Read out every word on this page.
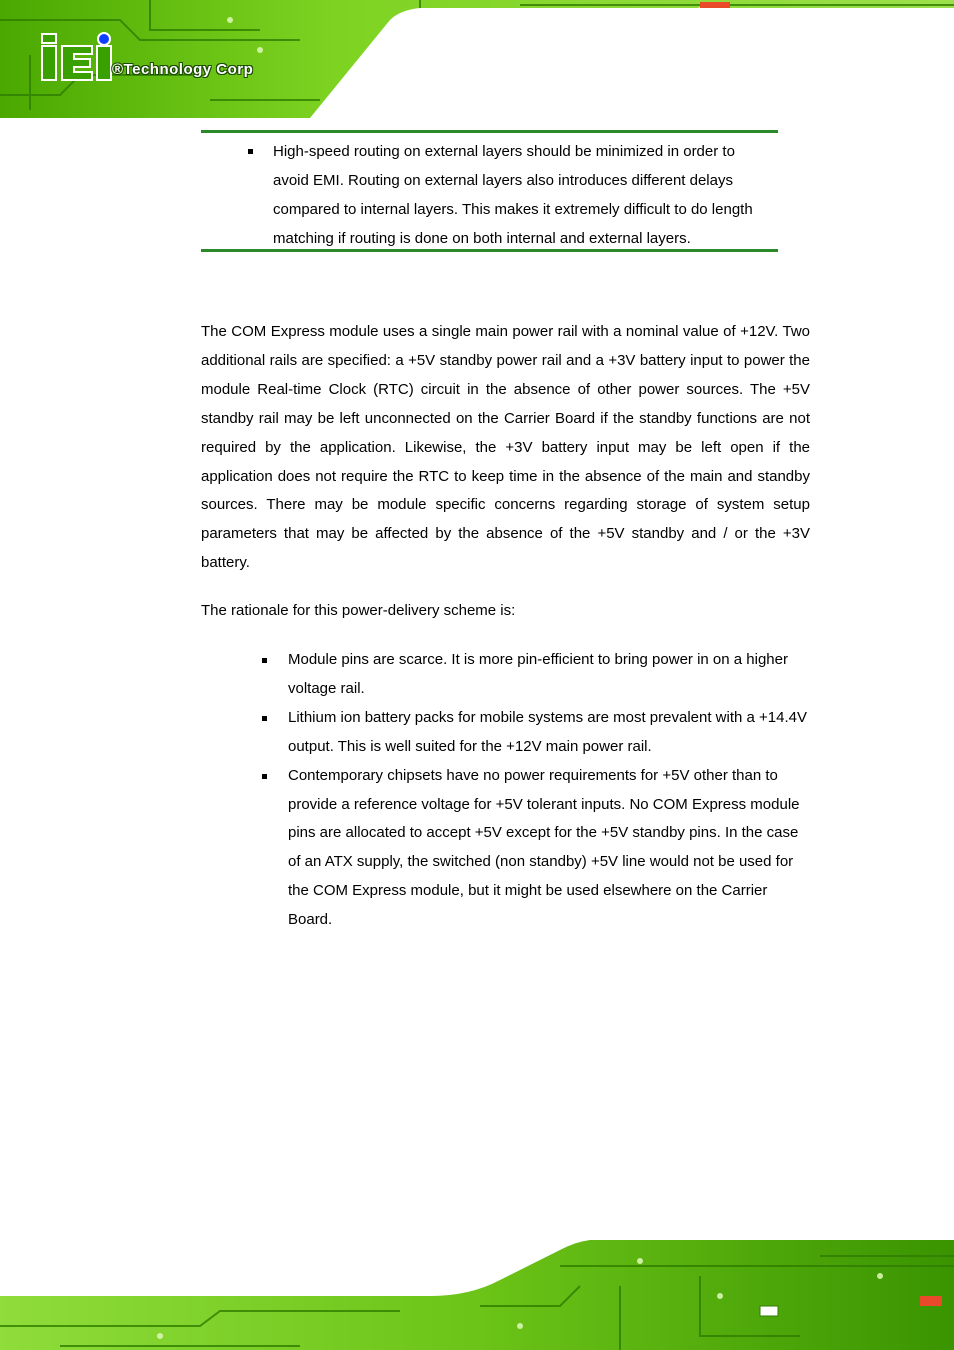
®Technology Corp
High-speed routing on external layers should be minimized in order to avoid EMI. Routing on external layers also introduces different delays compared to internal layers. This makes it extremely difficult to do length matching if routing is done on both internal and external layers.

The COM Express module uses a single main power rail with a nominal value of +12V. Two additional rails are specified: a +5V standby power rail and a +3V battery input to power the module Real-time Clock (RTC) circuit in the absence of other power sources. The +5V standby rail may be left unconnected on the Carrier Board if the standby functions are not required by the application. Likewise, the +3V battery input may be left open if the application does not require the RTC to keep time in the absence of the main and standby sources. There may be module specific concerns regarding storage of system setup parameters that may be affected by the absence of the +5V standby and / or the +3V battery.

The rationale for this power-delivery scheme is:

Module pins are scarce. It is more pin-efficient to bring power in on a higher voltage rail.
Lithium ion battery packs for mobile systems are most prevalent with a +14.4V output. This is well suited for the +12V main power rail.
Contemporary chipsets have no power requirements for +5V other than to provide a reference voltage for +5V tolerant inputs. No COM Express module pins are allocated to accept +5V except for the +5V standby pins. In the case of an ATX supply, the switched (non standby) +5V line would not be used for the COM Express module, but it might be used elsewhere on the Carrier Board.
